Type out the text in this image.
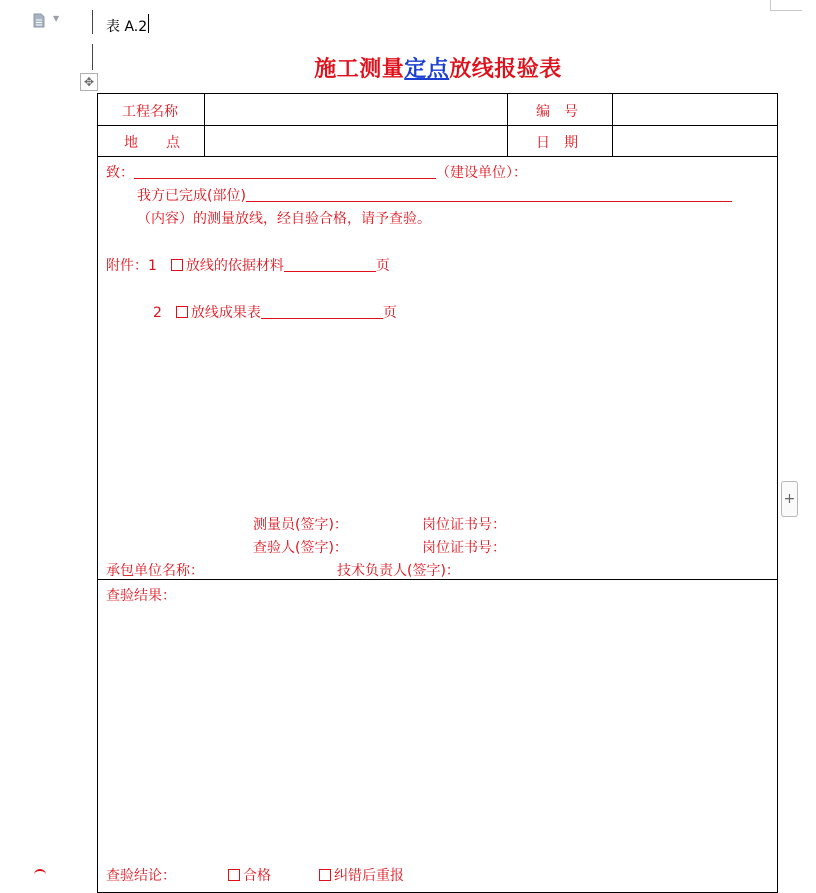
▼
表 A.2
施工测量定点放线报验表
✥
+
工程名称	编　号
地　　点	日　期
致：	（建设单位）：
我方已完成(部位)
（内容）的测量放线，经自验合格，请予查验。
附件：1 放线的依据材料	页
2 放线成果表	页
测量员(签字)：	岗位证书号：
查验人(签字)：	岗位证书号：
承包单位名称：	技术负责人(签字)：
查验结果：
查验结论：	合格	纠错后重报
